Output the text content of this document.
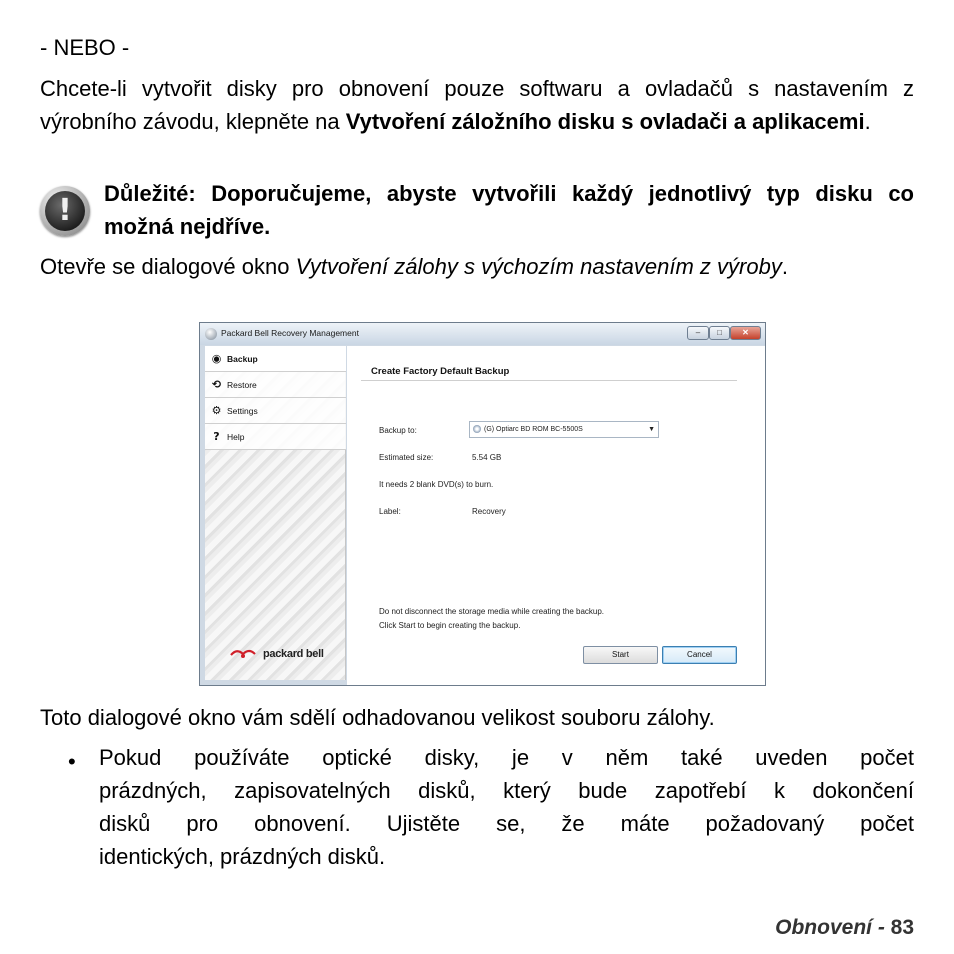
- NEBO -
Chcete-li vytvořit disky pro obnovení pouze softwaru a ovladačů s nastavením z výrobního závodu, klepněte na Vytvoření záložního disku s ovladači a aplikacemi.
!	Důležité: Doporučujeme, abyste vytvořili každý jednotlivý typ disku co možná nejdříve.
Otevře se dialogové okno Vytvoření zálohy s výchozím nastavením z výroby.
Packard Bell Recovery Management	–	□	✕
◉ Backup
⟲ Restore
⚙ Settings
? Help
packard bell
Create Factory Default Backup
Backup to:	(G) Optiarc BD ROM BC-5500S	▼
Estimated size:	5.54 GB
It needs 2 blank DVD(s) to burn.
Label:	Recovery
Do not disconnect the storage media while creating the backup.
Click Start to begin creating the backup.
Start	Cancel
Toto dialogové okno vám sdělí odhadovanou velikost souboru zálohy.
• Pokud používáte optické disky, je v něm také uveden počet
prázdných, zapisovatelných disků, který bude zapotřebí k dokončení
disků pro obnovení. Ujistěte se, že máte požadovaný počet
identických, prázdných disků.
Obnovení - 83
